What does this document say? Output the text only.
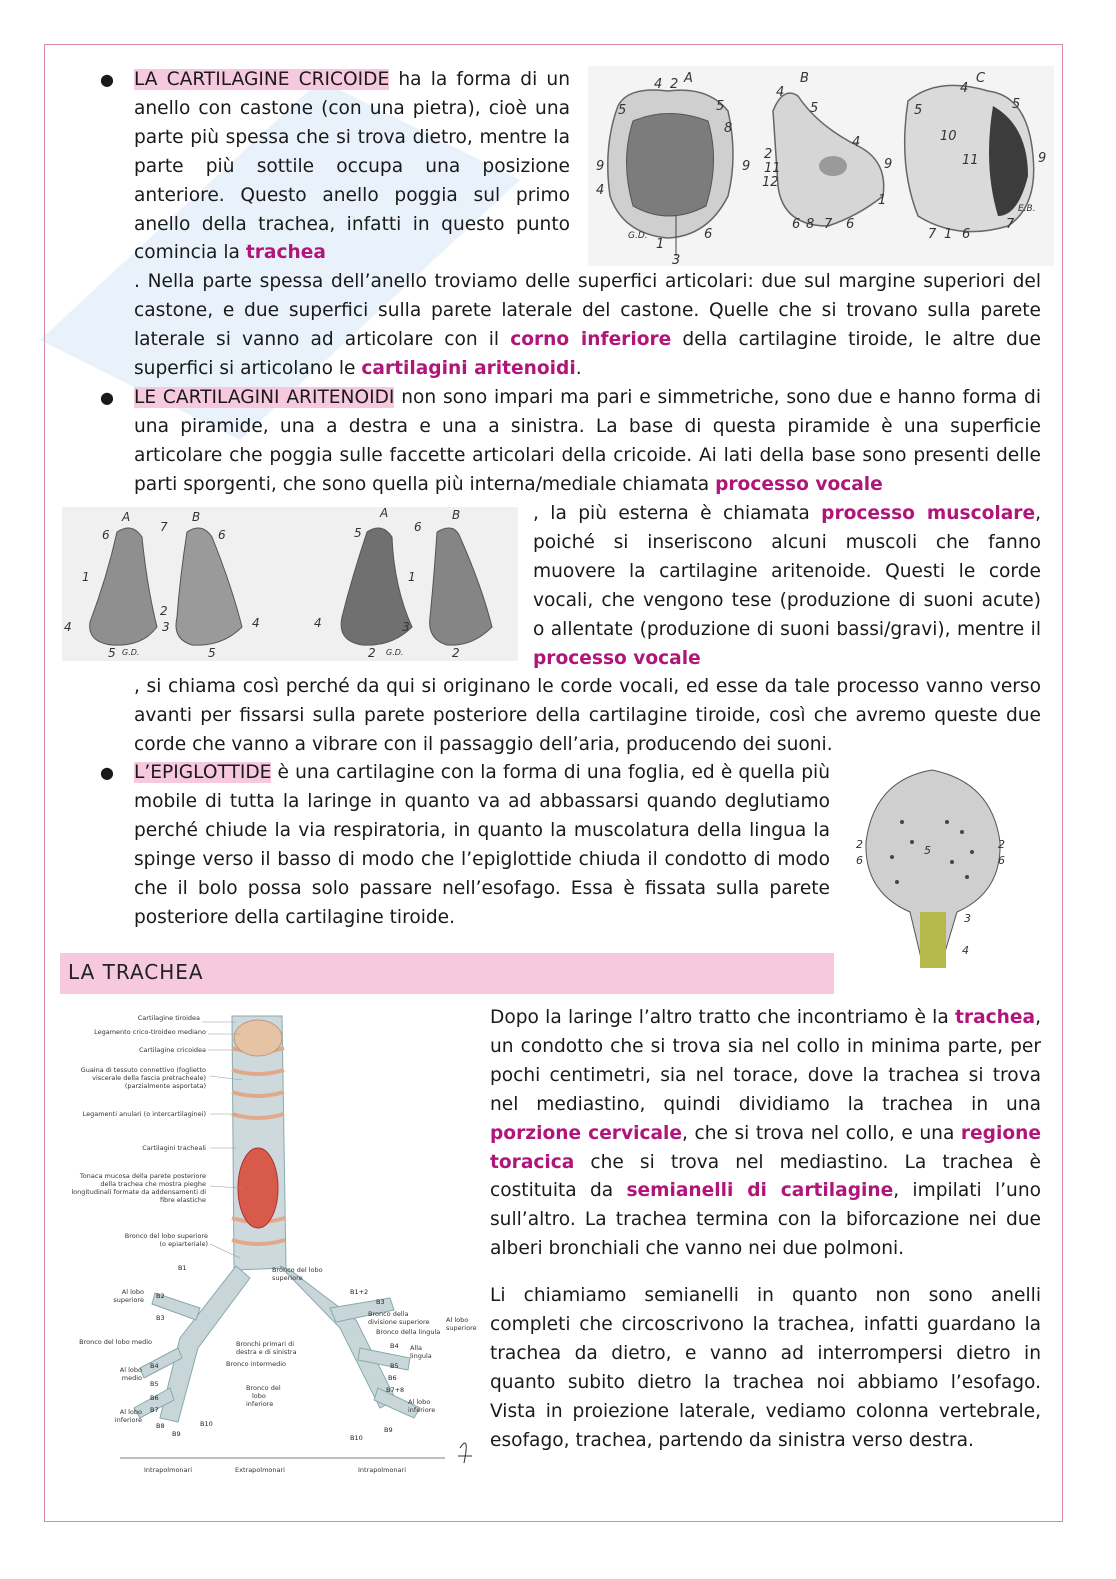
● LA CARTILAGINE CRICOIDE ha la forma di un anello con castone (con una pietra), cioè una parte più spessa che si trova dietro, mentre la parte più sottile occupa una posizione anteriore. Questo anello poggia sul primo anello della trachea, infatti in questo punto comincia la trachea

. Nella parte spessa dell’anello troviamo delle superfici articolari: due sul margine superiori del castone, e due superfici sulla parete laterale del castone. Quelle che si trovano sulla parete laterale si vanno ad articolare con il corno inferiore della cartilagine tiroide, le altre due superfici si articolano le cartilagini aritenoidi.

A	B	C
4 2
5	5
8
9	9
4
6
1
3
G.D.
4
5
2
11
12
4
9
1
6 8 7 6
4
5	5
10
11	9
7 1 6
7
E.B.
● LE CARTILAGINI ARITENOIDI non sono impari ma pari e simmetriche, sono due e hanno forma di una piramide, una a destra e una a sinistra. La base di questa piramide è una superficie articolare che poggia sulle faccette articolari della cricoide. Ai lati della base sono presenti delle parti sporgenti, che sono quella più interna/mediale chiamata processo vocale

, la più esterna è chiamata processo muscolare, poiché si inseriscono alcuni muscoli che fanno muovere la cartilagine aritenoide. Questi le corde vocali, che vengono tese (produzione di suoni acute) o allentate (produzione di suoni bassi/gravi), mentre il processo vocale

, si chiama così perché da qui si originano le corde vocali, ed esse da tale processo vanno verso avanti per fissarsi sulla parete posteriore della cartilagine tiroide, così che avremo queste due corde che vanno a vibrare con il passaggio dell’aria, producendo dei suoni.

A	B	A	B
6
7
6
1
2
3
4	4
5	5
G.D.
5	6
1
4	3
2	2
G.D.
● L’EPIGLOTTIDE è una cartilagine con la forma di una foglia, ed è quella più mobile di tutta la laringe in quanto va ad abbassarsi quando deglutiamo perché chiude la via respiratoria, in quanto la muscolatura della lingua la spinge verso il basso di modo che l’epiglottide chiuda il condotto di modo che il bolo possa solo passare nell’esofago. Essa è fissata sulla parete posteriore della cartilagine tiroide.

2
6
2
6
5
3
4
LA TRACHEA

Dopo la laringe l’altro tratto che incontriamo è la trachea, un condotto che si trova sia nel collo in minima parte, per pochi centimetri, sia nel torace, dove la trachea si trova nel mediastino, quindi dividiamo la trachea in una porzione cervicale, che si trova nel collo, e una regione toracica che si trova nel mediastino. La trachea è costituita da semianelli di cartilagine, impilati l’uno sull’altro. La trachea termina con la biforcazione nei due alberi bronchiali che vanno nei due polmoni.

Li chiamiamo semianelli in quanto non sono anelli completi che circoscrivono la trachea, infatti guardano la trachea da dietro, e vanno ad interrompersi dietro in quanto subito dietro la trachea noi abbiamo l’esofago. Vista in proiezione laterale, vediamo colonna vertebrale, esofago, trachea, partendo da sinistra verso destra.

Cartilagine tiroidea
Legamento crico-tiroideo mediano
Cartilagine cricoidea
Guaina di tessuto connettivo (foglietto
viscerale della fascia pretracheale)
(parzialmente asportata)
Legamenti anulari (o intercartilaginei)
Cartilagini tracheali
Tonaca mucosa della parete posteriore
della trachea che mostra pieghe
longitudinali formate da addensamenti di
fibre elastiche
Bronco del lobo superiore
(o epiarteriale)
Al lobo
superiore
Bronco del lobo medio
Al lobo
medio
Al lobo
inferiore
Bronco del lobo
superiore
Bronchi primari di
destra e di sinistra
Bronco intermedio
Bronco del
lobo
inferiore
Bronco della
divisione superiore
Bronco della lingula
Alla
lingula
Al lobo
superiore
Al lobo
inferiore
B1
B2
B3
B4
B5
B6
B7
B8
B9
B10
B1+2
B3
B4
B5
B6
B7+8
B9
B10
Intrapolmonari	Extrapolmonari	Intrapolmonari
